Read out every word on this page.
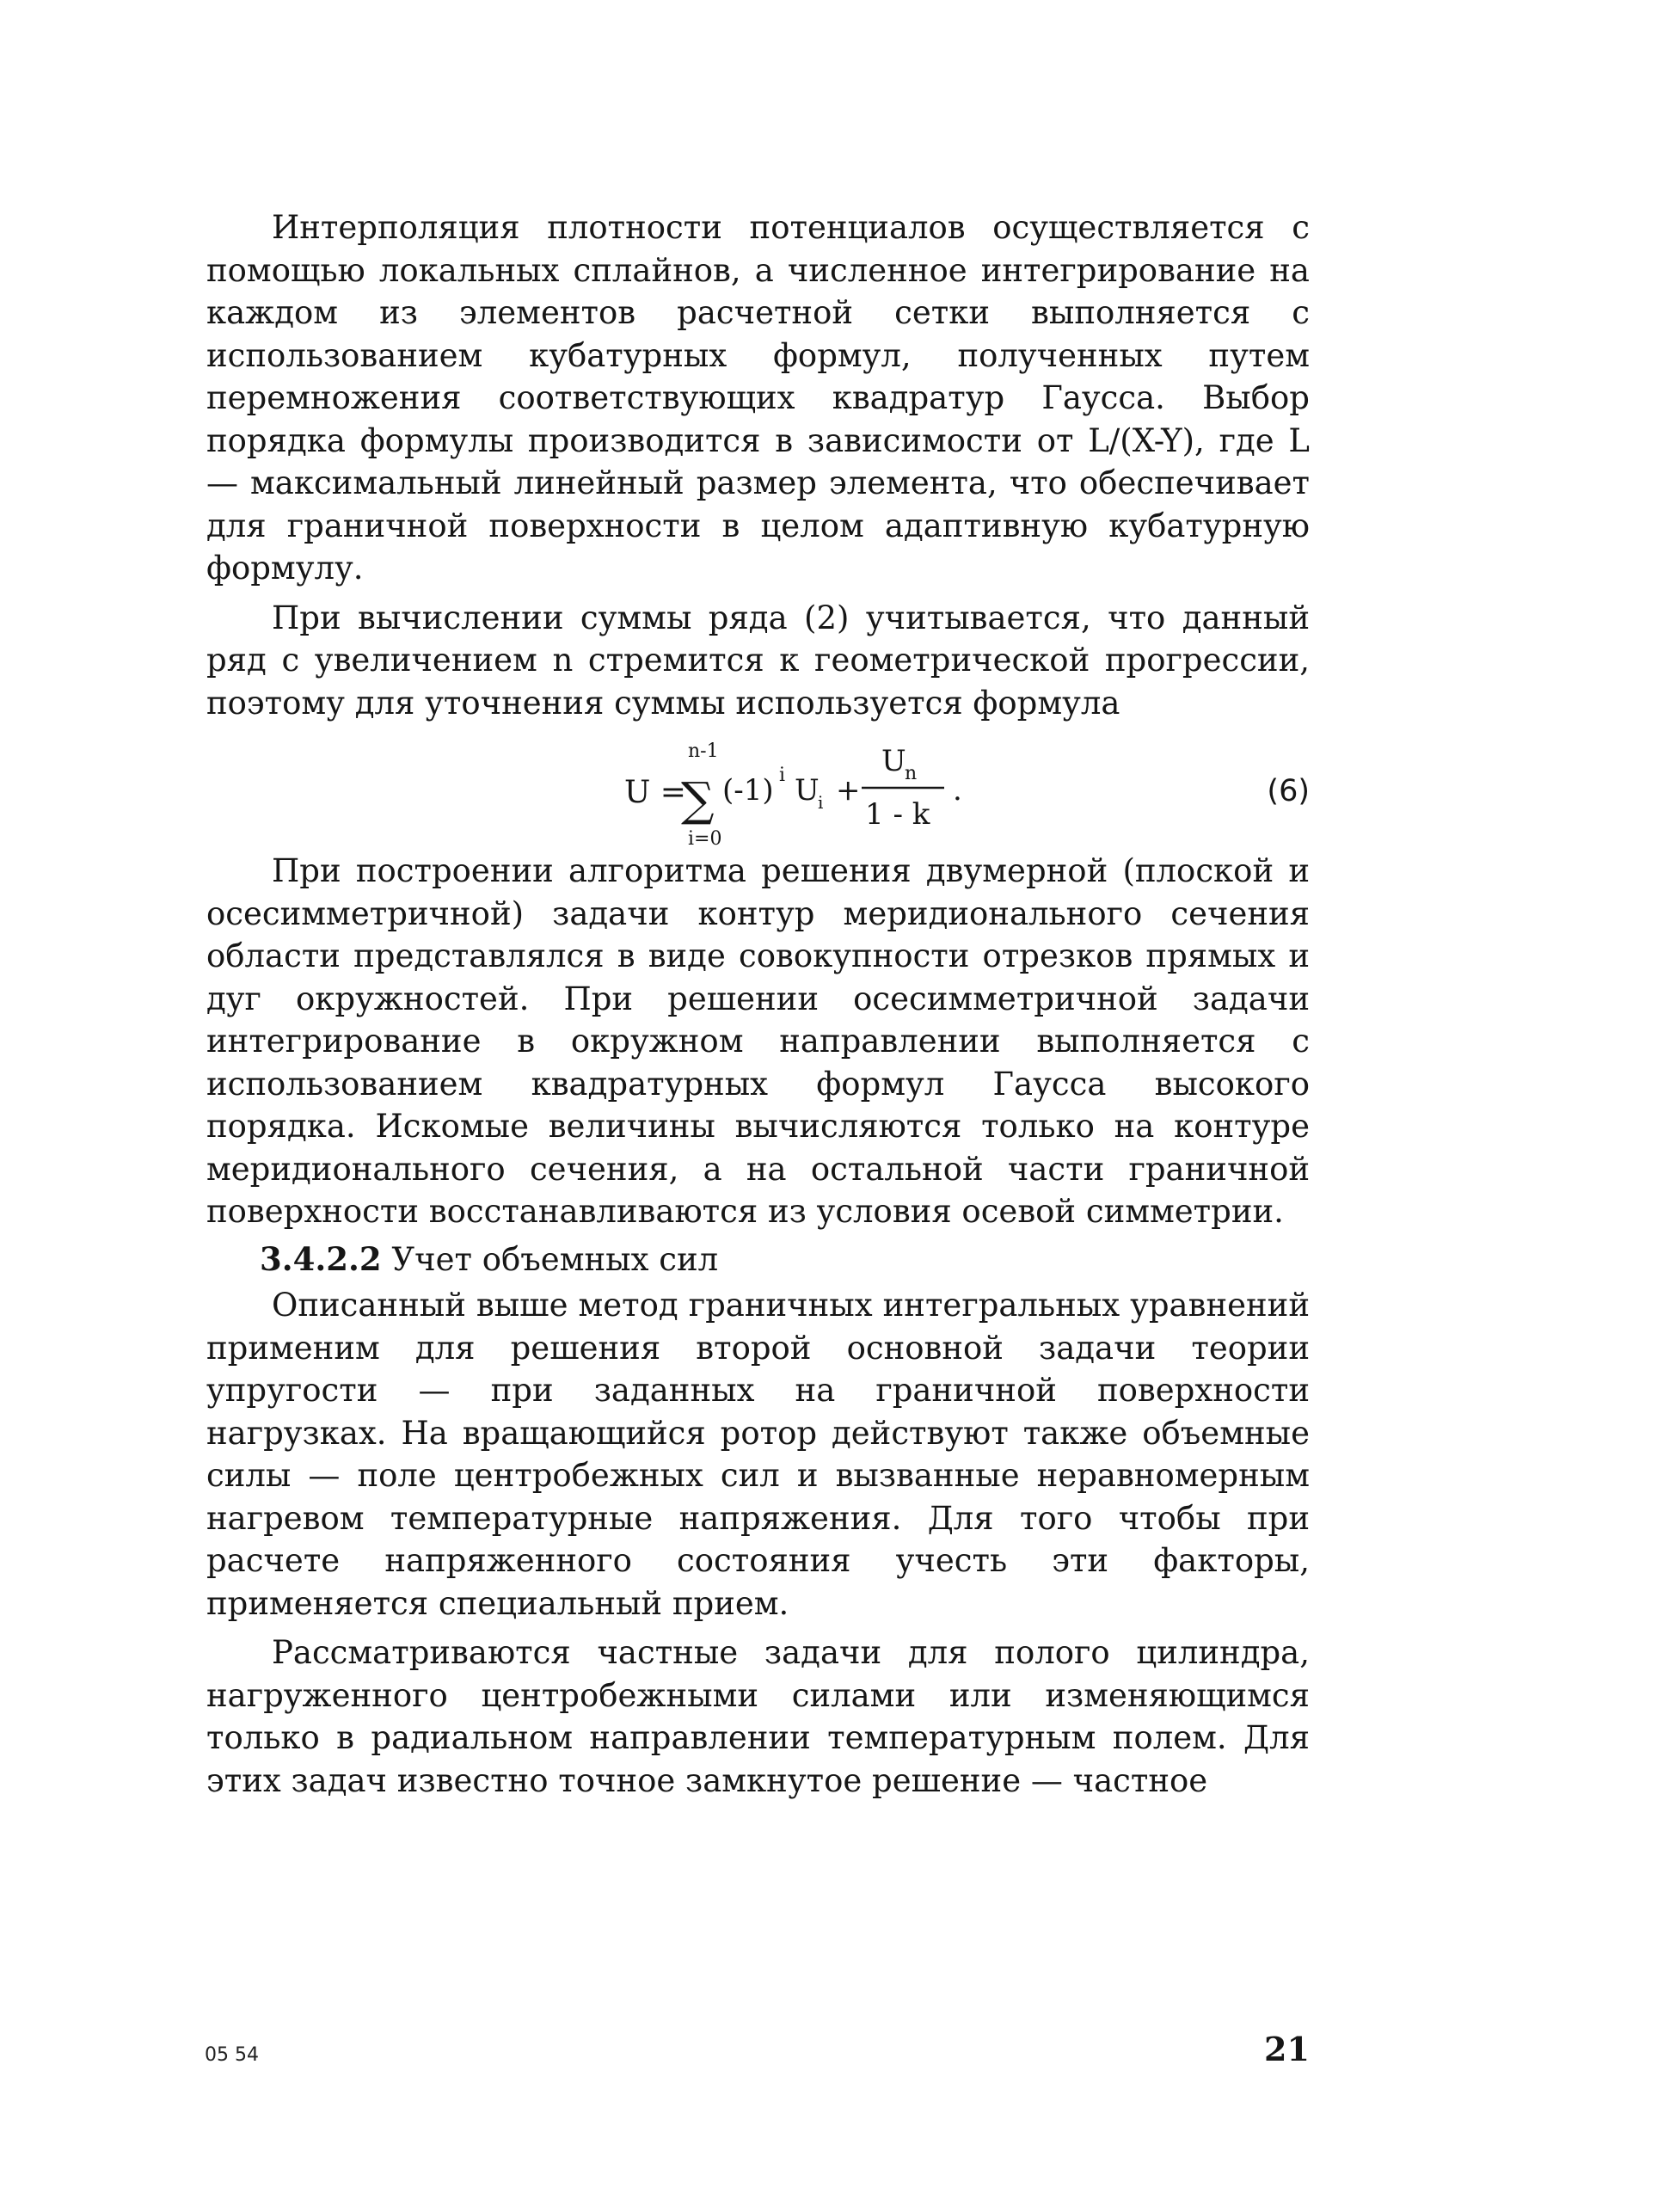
Интерполяция плотности потенциалов осуществляется с помощью локальных сплайнов, а численное интегрирование на каждом из элементов расчетной сетки выполняется с использованием кубатурных формул, полученных путем перемножения соответствующих квадратур Гаусса. Выбор порядка формулы производится в зависимости от L/(X-Y), где L — максимальный линейный размер элемента, что обеспечивает для граничной поверхности в целом адаптивную кубатурную формулу.

При вычислении суммы ряда (2) учитывается, что данный ряд с увеличением n стремится к геометрической прогрессии, поэтому для уточнения суммы используется формула

U =
n-1
∑
i=0
(-1) i U
i +
U
n
1 - k
.	(6)

При построении алгоритма решения двумерной (плоской и осесимметричной) задачи контур меридионального сечения области представлялся в виде совокупности отрезков прямых и дуг окружностей. При решении осесимметричной задачи интегрирование в окружном направлении выполняется с использованием квадратурных формул Гаусса высокого порядка. Искомые величины вычисляются только на контуре меридионального сечения, а на остальной части граничной поверхности восстанавливаются из условия осевой симметрии.

3.4.2.2 Учет объемных сил

Описанный выше метод граничных интегральных уравнений применим для решения второй основной задачи теории упругости — при заданных на граничной поверхности нагрузках. На вращающийся ротор действуют также объемные силы — поле центробежных сил и вызванные неравномерным нагревом температурные напряжения. Для того чтобы при расчете напряженного состояния учесть эти факторы, применяется специальный прием.

Рассматриваются частные задачи для полого цилиндра, нагруженного центробежными силами или изменяющимся только в радиальном направлении температурным полем. Для этих задач известно точное замкнутое решение — частное

05 54	21
